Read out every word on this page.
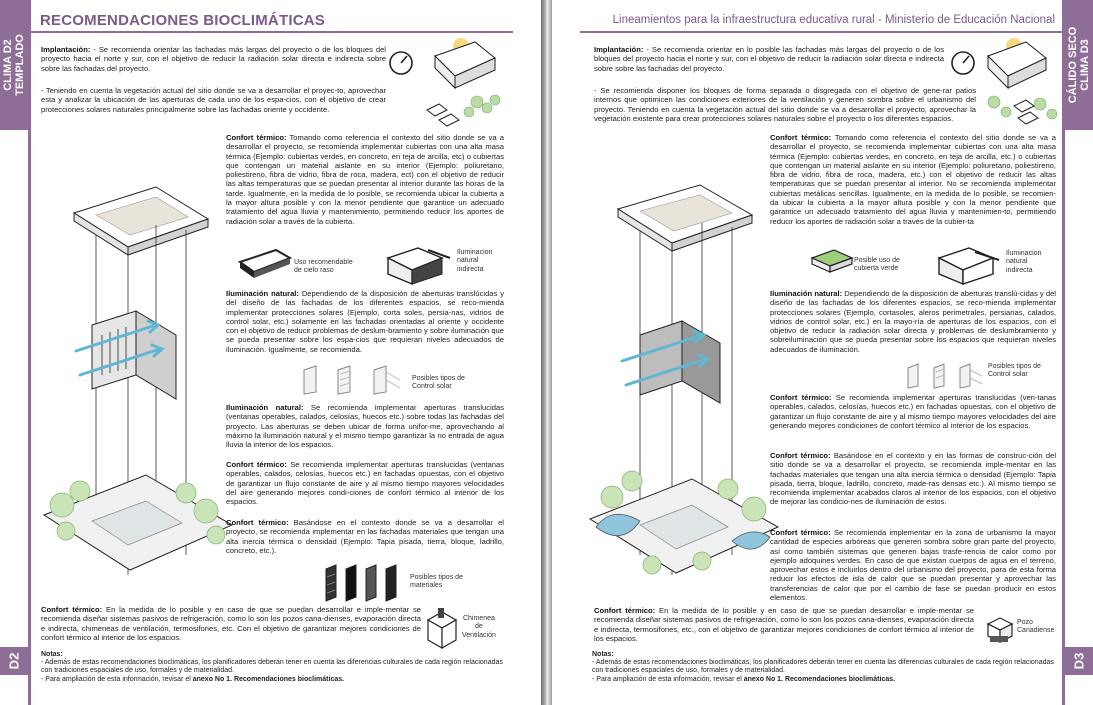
CLIMA D2
TEMPLADO
D2
RECOMENDACIONES BIOCLIMÁTICAS
Implantación: - Se recomienda orientar las fachadas más largas del proyecto o de los bloques del proyecto hacia el norte y sur, con el objetivo de reducir la radiación solar directa e indirecta sobre sobre las fachadas del proyecto.
- Teniendo en cuenta la vegetación actual del sitio donde se va a desarrollar el proyec-to, aprovechar esta y analizar la ubicación de las aperturas de cada uno de los espa-cios, con el objetivo de crear protecciones solares naturales principalmente sobre las fachadas oriente y occidente.
Confort térmico: Tomando como referencia el contexto del sitio donde se va a desarrollar el proyecto, se recomienda implementar cubiertas con una alta masa térmica (Ejemplo: cubiertas verdes, en concreto, en teja de arcilla, etc) o cubiertas que contengan un material aislante en su interior (Ejemplo: poliuretano, poliestireno, fibra de vidrio, fibra de roca, madera, ect) con el objetivo de reducir las altas temperaturas que se puedan presentar al interior durante las horas de la tarde. Igualmente, en la medida de lo posible, se recomienda ubicar la cubierta a la mayor altura posible y con la menor pendiente que garantice un adecuado tratamiento del agua lluvia y mantenimiento, permitiendo reducir los aportes de radiación solar a través de la cubierta.
Uso recomendable
de cielo raso
Iluminacion
natural
indirecta
Iluminación natural: Dependiendo de la disposición de aberturas translúcidas y del diseño de las fachadas de los diferentes espacios, se reco-mienda implementar protecciones solares (Ejemplo, corta soles, persia-nas, vidrios de control solar, etc.) solamente en las fachadas orientadas al oriente y occidente con el objetivo de reducir problemas de deslum-bramiento y sobre iluminación que se pueda presentar sobre los espa-cios que requieran niveles adecuados de iluminación. Igualmente, se recomienda.
Posibles tipos de
Control solar
Iluminación natural: Se recomienda implementar aperturas translucidas (ventanas operables, calados, celosías, huecos etc.) sobre todas las fachadas del proyecto. Las aberturas se deben ubicar de forma unifor-me, aprovechando al máximo la iluminación natural y el mismo tiempo garantizar la no entrada de agua lluvia la interior de los espacios.
Confort térmico: Se recomienda implementar aperturas translucidas (ventanas operables, calados, celosías, huecos etc.) en fachadas opuestas, con el objetivo de garantizar un flujo constante de aire y al mismo tiempo mayores velocidades del aire generando mejores condi-ciones de confort térmico al interior de los espacios.
Confort térmico: Basándose en el contexto donde se va a desarrollar el proyecto, se recomienda implementar en las fachadas materiales que tengan una alta inercia térmica o densidad (Ejemplo: Tapia pisada, tierra, bloque, ladrillo, concreto, etc.).
Posibles tipos de
materiales
Confort térmico: En la medida de lo posible y en caso de que se puedan desarrollar e imple-mentar se recomienda diseñar sistemas pasivos de refrigeración, como lo son los pozos cana-dienses, evaporación directa e indirecta, chimeneas de ventilación, termosifones, etc. Con el objetivo de garantizar mejores condiciones de confort térmico al interior de los espacios.
Chimenea
de
Ventilación
Notas:
- Además de estas recomendaciones bioclimáticas, los planificadores deberán tener en cuenta las diferencias culturales de cada región relacionadas con tradiciones espaciales de uso, formales y de materialidad.
- Para ampliación de esta información, revisar el anexo No 1. Recomendaciones bioclimáticas.
CÁLIDO SECO
CLIMA D3
D3
Lineamientos para la infraestructura educativa rural - Ministerio de Educación Nacional
Implantación: - Se recomienda orientar en lo posible las fachadas más largas del proyecto o de los bloques del proyecto hacia el norte y sur, con el objetivo de reducir la radiación solar directa e indirecta sobre sobre las fachadas del proyecto.
- Se recomienda disponer los bloques de forma separada o disgregada con el objetivo de gene-rar patios internos que optimicen las condiciones exteriores de la ventilación y generen sombra sobre el urbanismo del proyecto. Teniendo en cuenta la vegetación actual del sitio donde se va a desarrollar el proyecto, aprovechar la vegetación existente para crear protecciones solares naturales sobre el proyecto o los diferentes espacios.
Confort térmico: Tomando como referencia el contexto del sitio donde se va a desarrollar el proyecto, se recomienda implementar cubiertas con una alta masa térmica (Ejemplo: cubiertas verdes, en concreto, en teja de arcilla, etc.) o cubiertas que contengan un material aislante en su interior (Ejemplo: poliuretano, poliestireno, fibra de vidrio, fibra de roca, madera, etc.) con el objetivo de reducir las altas temperaturas que se puedan presentar al interior. No se recomienda implementar cubiertas metálicas sencillas. Igualmente, en la medida de lo posible, se recomien-da ubicar la cubierta a la mayor altura posible y con la menor pendiente que garantice un adecuado tratamiento del agua lluvia y mantenimien-to, permitiendo reducir los aportes de radiación solar a través de la cubier-ta
Posible uso de
cubierta verde
Iluminacion
natural
indirecta
Iluminación natural: Dependiendo de la disposición de aberturas translú-cidas y del diseño de las fachadas de los diferentes espacios, se reco-mienda implementar protecciones solares (Ejemplo, cortasoles, aleros perimetrales, persianas, calados, vidrios de control solar, etc.) en la mayo-ría de aperturas de los espacios, con el objetivo de reducir la radiación solar directa y problemas de deslumbramiento y sobreiluminación que se pueda presentar sobre los espacios que requieran niveles adecuados de iluminación.
Posibles tipos de
Control solar
Confort térmico: Se recomienda implementar aperturas translucidas (ven-tanas operables, calados, celosías, huecos etc.) en fachadas opuestas, con el objetivo de garantizar un flujo constante de aire y al mismo tiempo mayores velocidades del aire generando mejores condiciones de confort térmico al interior de los espacios.
Confort térmico: Basándose en el contexto y en las formas de construc-ción del sitio donde se va a desarrollar el proyecto, se recomienda imple-mentar en las fachadas materiales que tengan una alta inercia térmica o densidad (Ejemplo: Tapia pisada, tierra, bloque, ladrillo, concreto, made-ras densas etc.). Al mismo tiempo se recomienda implementar acabados claros al interior de los espacios, con el objetivo de mejorar las condicio-nes de iluminación de estos.
Confort térmico: Se recomienda implementar en la zona de urbanismo la mayor cantidad de especies arbóreas que generen sombra sobre gran parte del proyecto, así como también sistemas que generen bajas trasfe-rencia de calor como por ejemplo adoquines verdes. En caso de que existan cuerpos de agua en el terreno, aprovechar estos e incluirlos dentro del urbanismo del proyecto, para de esta forma reducir los efectos de isla de calor que se puedan presentar y aprovechar las transferencias de calor que por el cambio de fase se puedan producir en estos elementos.
Confort térmico: En la medida de lo posible y en caso de que se puedan desarrollar e imple-mentar se recomienda diseñar sistemas pasivos de refrigeración, como lo son los pozos cana-dienses, evaporación directa e indirecta, termosifones, etc., con el objetivo de garantizar mejores condiciones de confort térmico al interior de los espacios.
Pozo
Canadiense
Notas:
- Además de estas recomendaciones bioclimáticas, los planificadores deberán tener en cuenta las diferencias culturales de cada región relacionadas con tradiciones espaciales de uso, formales y de materialidad.
- Para ampliación de esta información, revisar el anexo No 1. Recomendaciones bioclimáticas.
